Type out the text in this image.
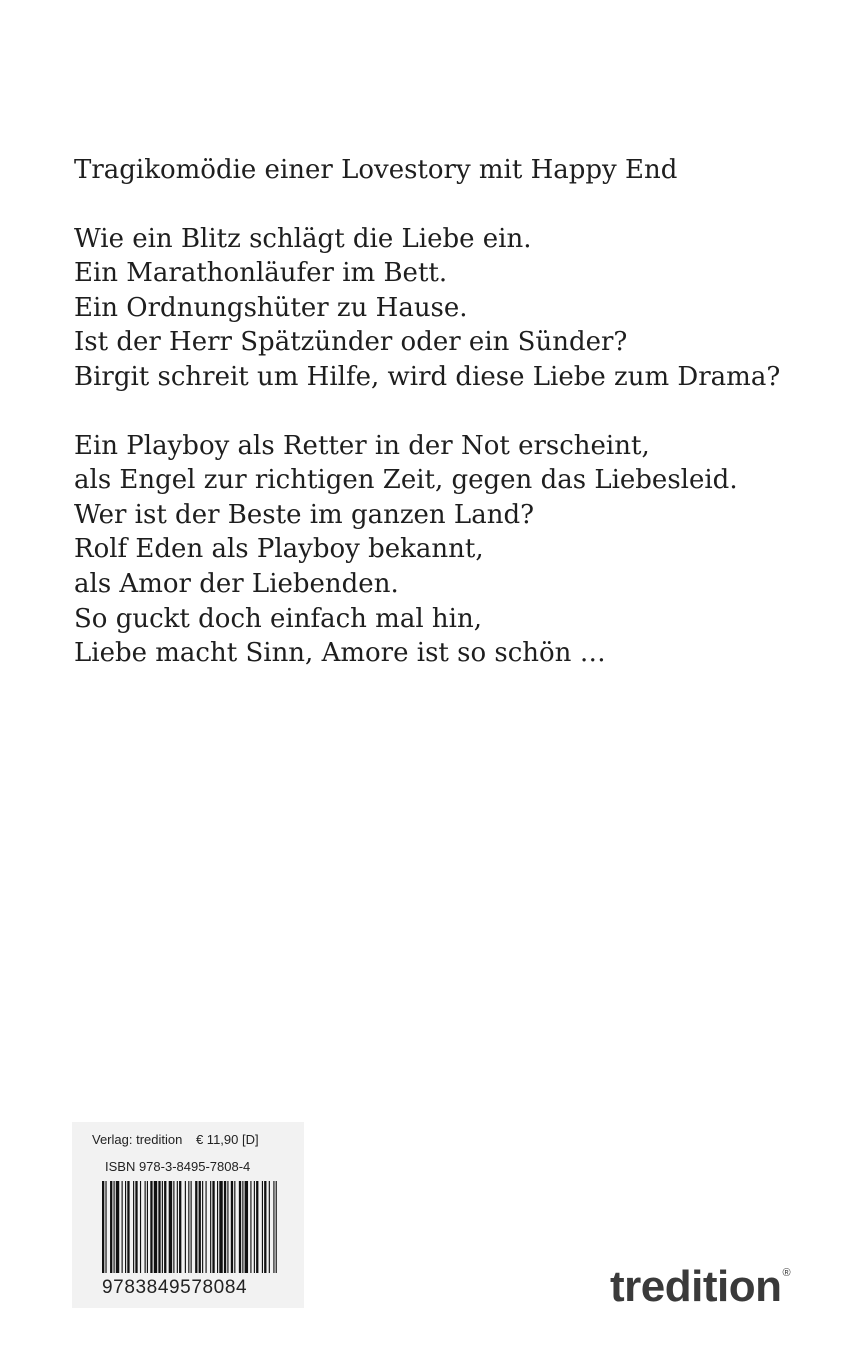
Tragikomödie einer Lovestory mit Happy End
Wie ein Blitz schlägt die Liebe ein.
Ein Marathonläufer im Bett.
Ein Ordnungshüter zu Hause.
Ist der Herr Spätzünder oder ein Sünder?
Birgit schreit um Hilfe, wird diese Liebe zum Drama?
Ein Playboy als Retter in der Not erscheint,
als Engel zur richtigen Zeit, gegen das Liebesleid.
Wer ist der Beste im ganzen Land?
Rolf Eden als Playboy bekannt,
als Amor der Liebenden.
So guckt doch einfach mal hin,
Liebe macht Sinn, Amore ist so schön …
Verlag: tredition € 11,90 [D]
ISBN 978-3-8495-7808-4
9783849578084	tredition®
